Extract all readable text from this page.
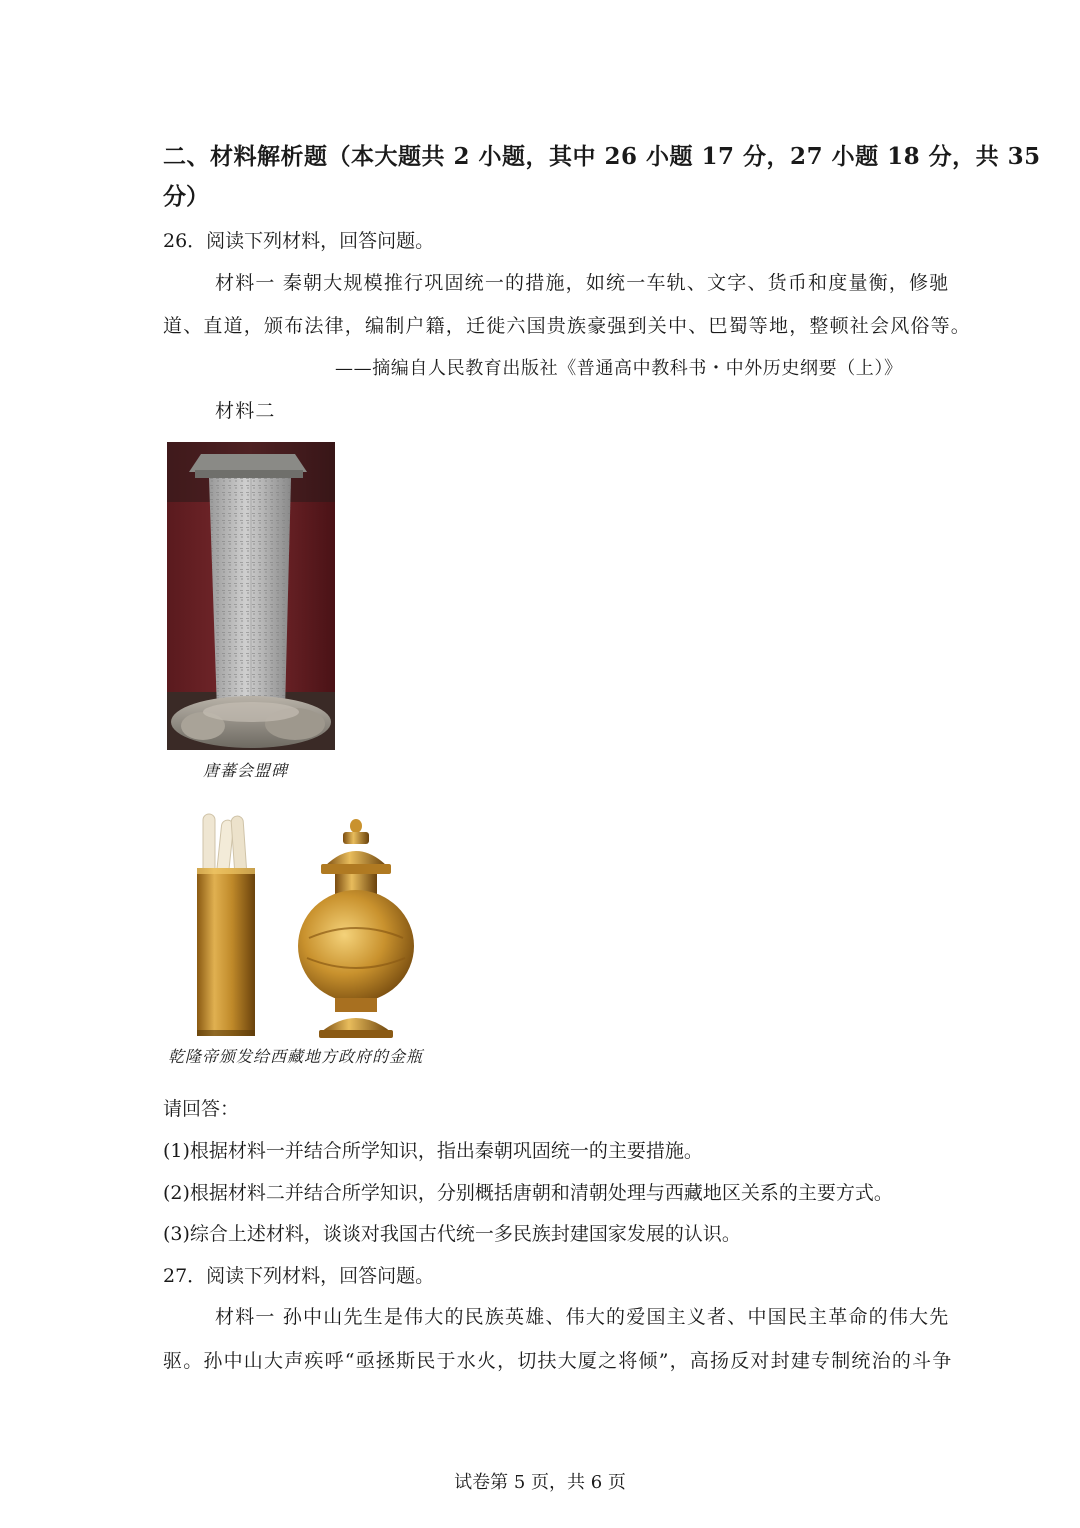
二、材料解析题（本大题共 2 小题，其中 26 小题 17 分，27 小题 18 分，共 35
分）
26．阅读下列材料，回答问题。
材料一 秦朝大规模推行巩固统一的措施，如统一车轨、文字、货币和度量衡，修驰
道、直道，颁布法律，编制户籍，迁徙六国贵族豪强到关中、巴蜀等地，整顿社会风俗等。
——摘编自人民教育出版社《普通高中教科书・中外历史纲要（上）》
材料二
唐蕃会盟碑
乾隆帝颁发给西藏地方政府的金瓶
请回答：
(1)根据材料一并结合所学知识，指出秦朝巩固统一的主要措施。
(2)根据材料二并结合所学知识，分别概括唐朝和清朝处理与西藏地区关系的主要方式。
(3)综合上述材料，谈谈对我国古代统一多民族封建国家发展的认识。
27．阅读下列材料，回答问题。
材料一 孙中山先生是伟大的民族英雄、伟大的爱国主义者、中国民主革命的伟大先
驱。孙中山大声疾呼“亟拯斯民于水火，切扶大厦之将倾”，高扬反对封建专制统治的斗争
试卷第 5 页，共 6 页
